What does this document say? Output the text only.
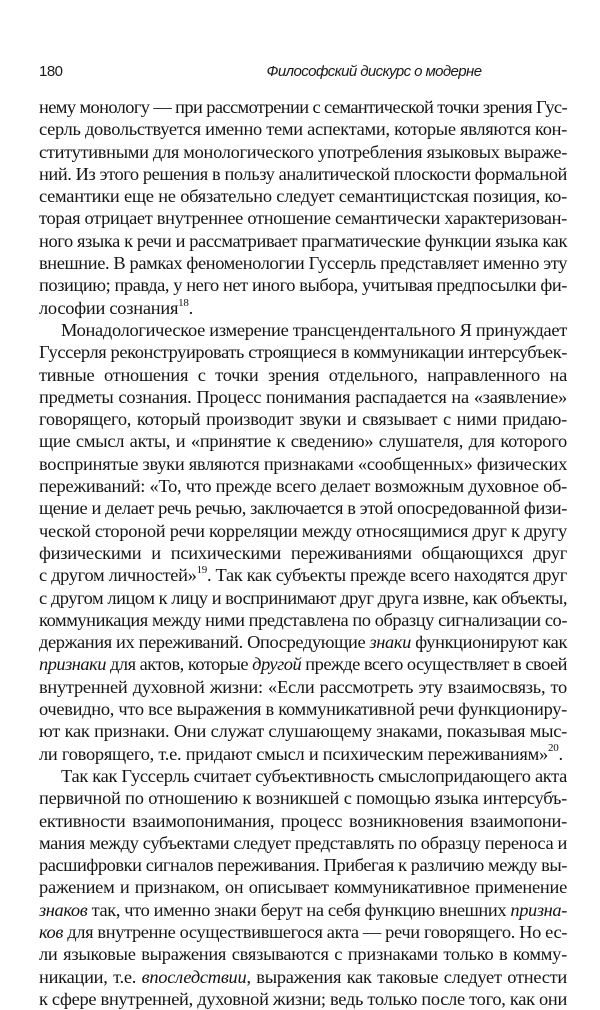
180	Философский дискурс о модерне
нему монологу — при рассмотрении с семантической точки зрения Гус-
серль довольствуется именно теми аспектами, которые являются кон-
ститутивными для монологического употребления языковых выраже-
ний. Из этого решения в пользу аналитической плоскости формальной
семантики еще не обязательно следует семантицистская позиция, ко-
торая отрицает внутреннее отношение семантически характеризован-
ного языка к речи и рассматривает прагматические функции языка как
внешние. В рамках феноменологии Гуссерль представляет именно эту
позицию; правда, у него нет иного выбора, учитывая предпосылки фи-
лософии сознания$^{18}$.
Монадологическое измерение трансцендентального Я принуждает
Гуссерля реконструировать строящиеся в коммуникации интерсубъек-
тивные отношения с точки зрения отдельного, направленного на
предметы сознания. Процесс понимания распадается на «заявление»
говорящего, который производит звуки и связывает с ними придаю-
щие смысл акты, и «принятие к сведению» слушателя, для которого
воспринятые звуки являются признаками «сообщенных» физических
переживаний: «То, что прежде всего делает возможным духовное об-
щение и делает речь речью, заключается в этой опосредованной физи-
ческой стороной речи корреляции между относящимися друг к другу
физическими и психическими переживаниями общающихся друг
с другом личностей»$^{19}$. Так как субъекты прежде всего находятся друг
с другом лицом к лицу и воспринимают друг друга извне, как объекты,
коммуникация между ними представлена по образцу сигнализации со-
держания их переживаний. Опосредующие знаки функционируют как
признаки для актов, которые другой прежде всего осуществляет в своей
внутренней духовной жизни: «Если рассмотреть эту взаимосвязь, то
очевидно, что все выражения в коммуникативной речи функциониру-
ют как признаки. Они служат слушающему знаками, показывая мыс-
ли говорящего, т.е. придают смысл и психическим переживаниям»$^{20}$.
Так как Гуссерль считает субъективность смыслопридающего акта
первичной по отношению к возникшей с помощью языка интерсубъ-
ективности взаимопонимания, процесс возникновения взаимопони-
мания между субъектами следует представлять по образцу переноса и
расшифровки сигналов переживания. Прибегая к различию между вы-
ражением и признаком, он описывает коммуникативное применение
знаков так, что именно знаки берут на себя функцию внешних призна-
ков для внутренне осуществившегося акта — речи говорящего. Но ес-
ли языковые выражения связываются с признаками только в комму-
никации, т.е. впоследствии, выражения как таковые следует отнести
к сфере внутренней, духовной жизни; ведь только после того, как они
